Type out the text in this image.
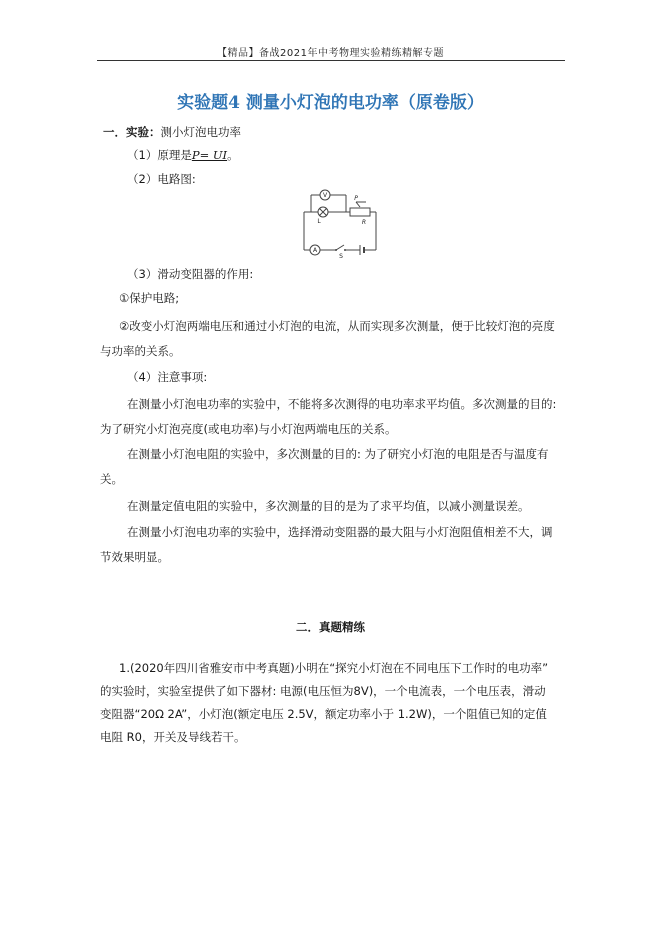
【精品】备战2021年中考物理实验精练精解专题
实验题4 测量小灯泡的电功率（原卷版）
一．实验：测小灯泡电功率
（1）原理是P= UI。
（2）电路图:
V
A
L
P
R
S
（3）滑动变阻器的作用:
①保护电路;
②改变小灯泡两端电压和通过小灯泡的电流，从而实现多次测量，便于比较灯泡的亮度
与功率的关系。
（4）注意事项:
在测量小灯泡电功率的实验中，不能将多次测得的电功率求平均值。多次测量的目的:
为了研究小灯泡亮度(或电功率)与小灯泡两端电压的关系。
在测量小灯泡电阻的实验中，多次测量的目的: 为了研究小灯泡的电阻是否与温度有
关。
在测量定值电阻的实验中，多次测量的目的是为了求平均值，以减小测量误差。
在测量小灯泡电功率的实验中，选择滑动变阻器的最大阻与小灯泡阻值相差不大，调
节效果明显。
二．真题精练
1.(2020年四川省雅安市中考真题)小明在“探究小灯泡在不同电压下工作时的电功率”
的实验时，实验室提供了如下器材: 电源(电压恒为8V)，一个电流表，一个电压表，滑动
变阻器“20Ω 2A”，小灯泡(额定电压 2.5V，额定功率小于 1.2W)，一个阻值已知的定值
电阻 R0，开关及导线若干。
